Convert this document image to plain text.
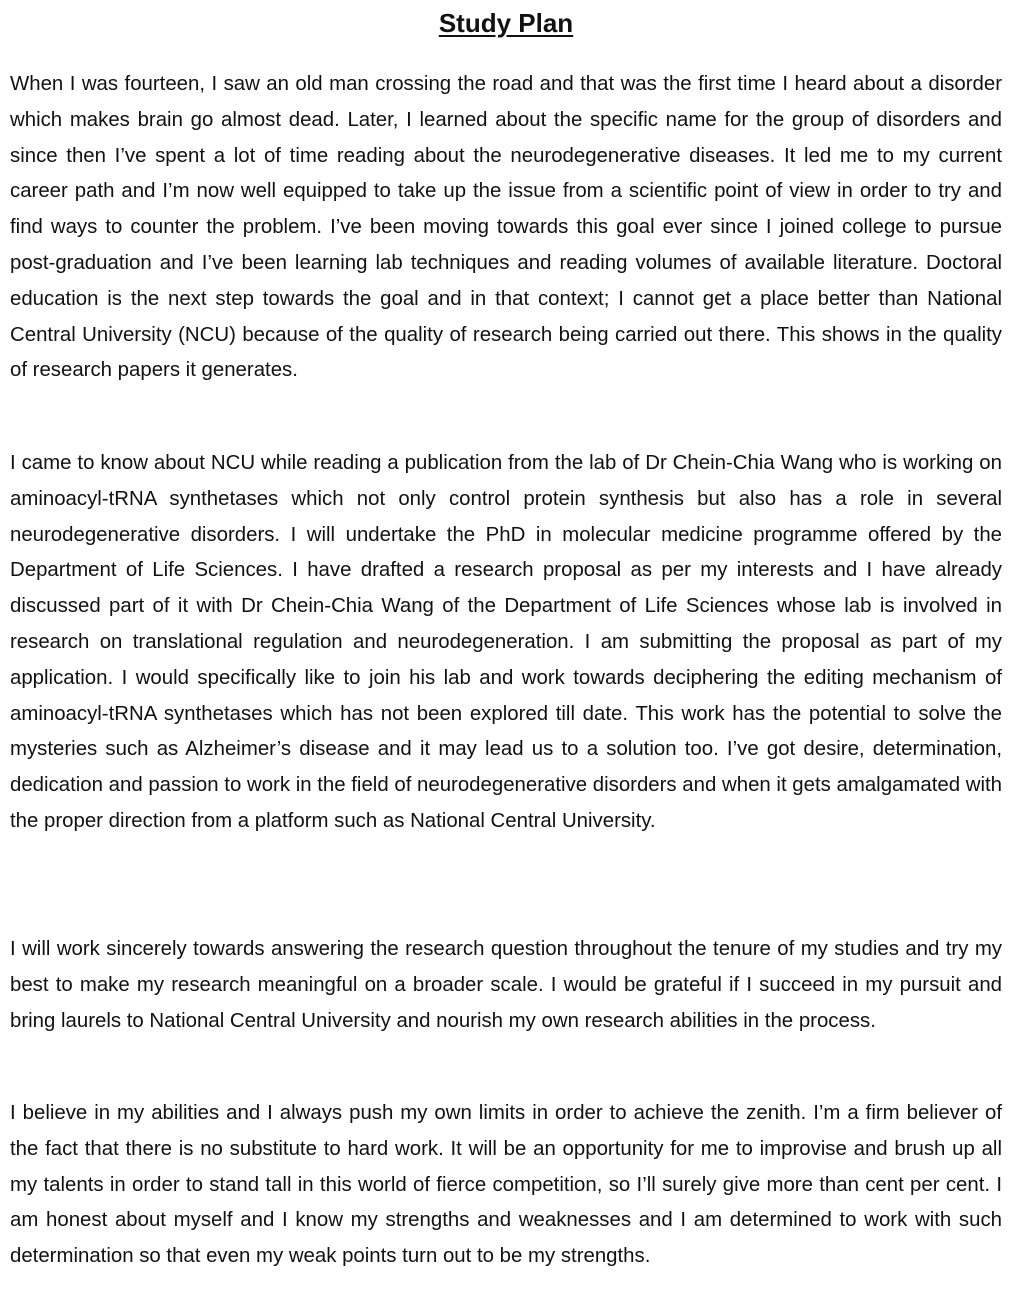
Study Plan

When I was fourteen, I saw an old man crossing the road and that was the first time I heard about a disorder which makes brain go almost dead. Later, I learned about the specific name for the group of disorders and since then I’ve spent a lot of time reading about the neurodegenerative diseases. It led me to my current career path and I’m now well equipped to take up the issue from a scientific point of view in order to try and find ways to counter the problem. I’ve been moving towards this goal ever since I joined college to pursue post-graduation and I’ve been learning lab techniques and reading volumes of available literature. Doctoral education is the next step towards the goal and in that context; I cannot get a place better than National Central University (NCU) because of the quality of research being carried out there. This shows in the quality of research papers it generates.

I came to know about NCU while reading a publication from the lab of Dr Chein-Chia Wang who is working on aminoacyl-tRNA synthetases which not only control protein synthesis but also has a role in several neurodegenerative disorders. I will undertake the PhD in molecular medicine programme offered by the Department of Life Sciences. I have drafted a research proposal as per my interests and I have already discussed part of it with Dr Chein-Chia Wang of the Department of Life Sciences whose lab is involved in research on translational regulation and neurodegeneration. I am submitting the proposal as part of my application. I would specifically like to join his lab and work towards deciphering the editing mechanism of aminoacyl-tRNA synthetases which has not been explored till date. This work has the potential to solve the mysteries such as Alzheimer’s disease and it may lead us to a solution too. I’ve got desire, determination, dedication and passion to work in the field of neurodegenerative disorders and when it gets amalgamated with the proper direction from a platform such as National Central University.

I will work sincerely towards answering the research question throughout the tenure of my studies and try my best to make my research meaningful on a broader scale. I would be grateful if I succeed in my pursuit and bring laurels to National Central University and nourish my own research abilities in the process.

I believe in my abilities and I always push my own limits in order to achieve the zenith. I’m a firm believer of the fact that there is no substitute to hard work. It will be an opportunity for me to improvise and brush up all my talents in order to stand tall in this world of fierce competition, so I’ll surely give more than cent per cent. I am honest about myself and I know my strengths and weaknesses and I am determined to work with such determination so that even my weak points turn out to be my strengths.
